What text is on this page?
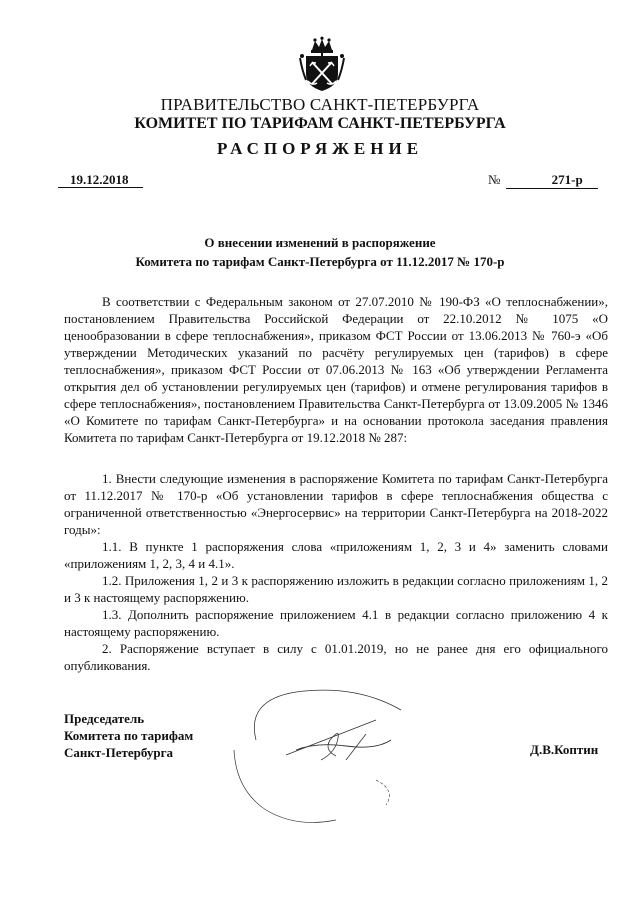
ПРАВИТЕЛЬСТВО САНКТ-ПЕТЕРБУРГА
КОМИТЕТ ПО ТАРИФАМ САНКТ-ПЕТЕРБУРГА
РАСПОРЯЖЕНИЕ
19.12.2018	№	271-р
О внесении изменений в распоряжение
Комитета по тарифам Санкт-Петербурга от 11.12.2017 № 170-р

В соответствии с Федеральным законом от 27.07.2010 № 190-ФЗ «О теплоснабжении», постановлением Правительства Российской Федерации от 22.10.2012 № 1075 «О ценообразовании в сфере теплоснабжения», приказом ФСТ России от 13.06.2013 № 760-э «Об утверждении Методических указаний по расчёту регулируемых цен (тарифов) в сфере теплоснабжения», приказом ФСТ России от 07.06.2013 № 163 «Об утверждении Регламента открытия дел об установлении регулируемых цен (тарифов) и отмене регулирования тарифов в сфере теплоснабжения», постановлением Правительства Санкт-Петербурга от 13.09.2005 № 1346 «О Комитете по тарифам Санкт-Петербурга» и на основании протокола заседания правления Комитета по тарифам Санкт-Петербурга от 19.12.2018 № 287:

1. Внести следующие изменения в распоряжение Комитета по тарифам Санкт-Петербурга от 11.12.2017 № 170-р «Об установлении тарифов в сфере теплоснабжения общества с ограниченной ответственностью «Энергосервис» на территории Санкт-Петербурга на 2018-2022 годы»:

1.1. В пункте 1 распоряжения слова «приложениям 1, 2, 3 и 4» заменить словами «приложениям 1, 2, 3, 4 и 4.1».

1.2. Приложения 1, 2 и 3 к распоряжению изложить в редакции согласно приложениям 1, 2 и 3 к настоящему распоряжению.

1.3. Дополнить распоряжение приложением 4.1 в редакции согласно приложению 4 к настоящему распоряжению.

2. Распоряжение вступает в силу с 01.01.2019, но не ранее дня его официального опубликования.

Председатель
Комитета по тарифам
Санкт-Петербурга	Д.В.Коптин
